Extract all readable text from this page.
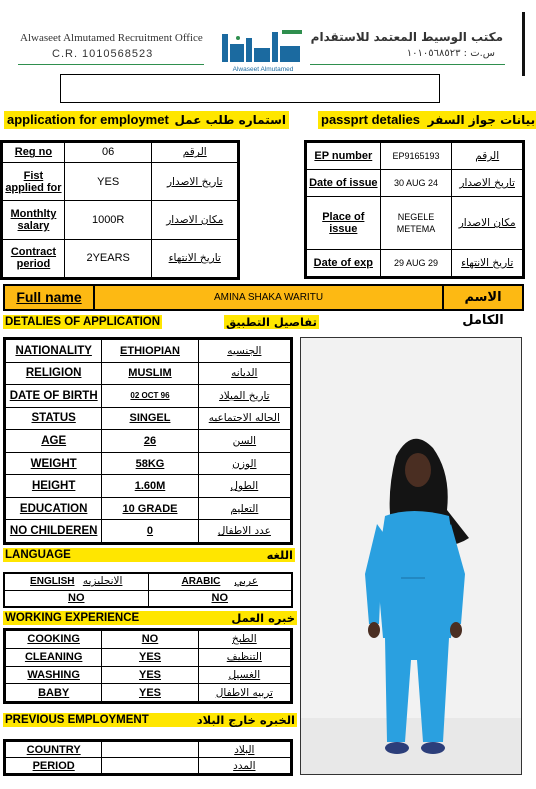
Alwaseet Almutamed Recruitment Office
C.R. 1010568523
مكتب الوسيط المعتمد للاستقدام
س.ت : ١٠١٠٥٦٨٥٢٣
Alwaseet Almutamed
application for employmet استماره طلب عمل	passprt detalies بيانات جواز السفر
Reg no	06	الرقم
Fist applied for	YES	تاريخ الاصدار
Monthlty salary	1000R	مكان الاصدار
Contract period	2YEARS	تاريخ الانتهاء
EP number	EP9165193	الرقم
Date of issue	30 AUG 24	تاريخ الاصدار
Place of issue	NEGELE METEMA	مكان الاصدار
Date of exp	29 AUG 29	تاريخ الانتهاء
Full name	AMINA SHAKA WARITU	الاسم الكامل
DETALIES OF APPLICATION	تفاصيل التطبيق
NATIONALITY	ETHIOPIAN	الجنسيه
RELIGION	MUSLIM	الديانه
DATE OF BIRTH	02 OCT 96	تاريخ الميلاد
STATUS	SINGEL	الحاله الاجتماعيه
AGE	26	السن
WEIGHT	58KG	الوزن
HEIGHT	1.60M	الطول
EDUCATION	10 GRADE	التعليم
NO CHILDEREN	0	عدد الاطفال
LANGUAGE	اللغه
ENGLISH الانجليزيه	ARABIC عربي
NO	NO
WORKING EXPERIENCE	خبره العمل
COOKING	NO	الطبخ
CLEANING	YES	التنظيف
WASHING	YES	الغسيل
BABY	YES	تربيه الاطفال
PREVIOUS EMPLOYMENT	الخبره خارج البلاد
COUNTRY		البلاد
PERIOD		المدد
